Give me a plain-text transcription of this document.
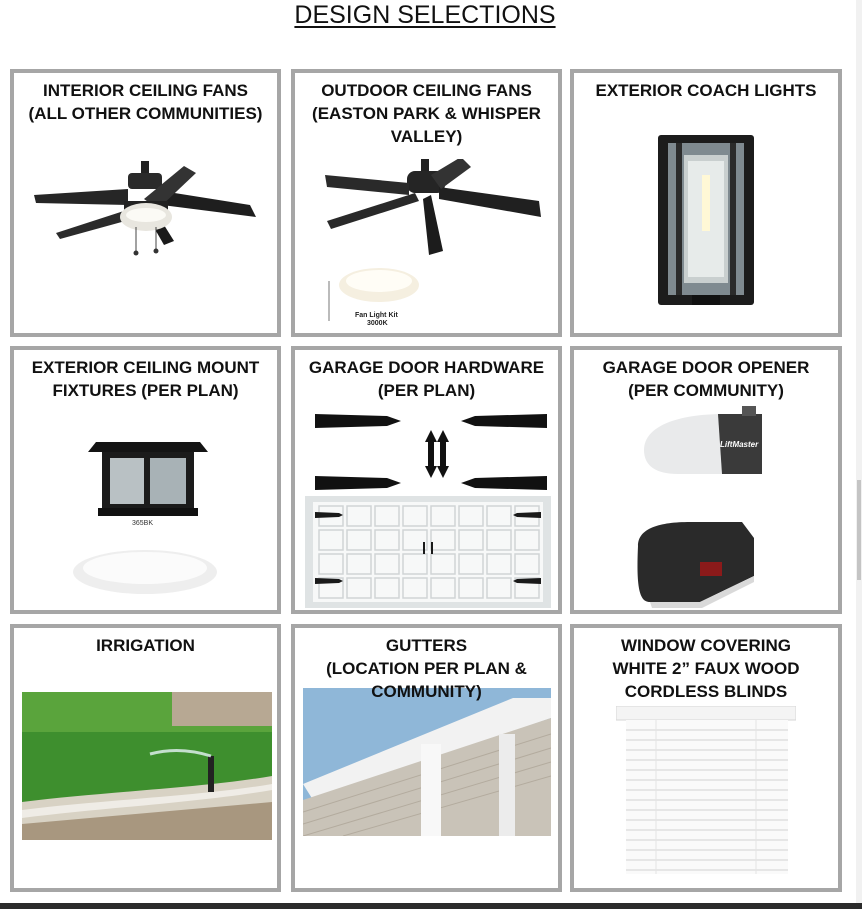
DESIGN SELECTIONS
INTERIOR CEILING FANS
(ALL OTHER COMMUNITIES)
OUTDOOR CEILING FANS
(EASTON PARK & WHISPER
VALLEY)
Fan Light Kit
3000K
EXTERIOR COACH LIGHTS
EXTERIOR CEILING MOUNT
FIXTURES (PER PLAN)
365BK
GARAGE DOOR HARDWARE
(PER PLAN)
GARAGE DOOR OPENER
(PER COMMUNITY)
LiftMaster
IRRIGATION	GUTTERS
(LOCATION PER PLAN &
COMMUNITY)
WINDOW COVERING
WHITE 2” FAUX WOOD
CORDLESS BLINDS
